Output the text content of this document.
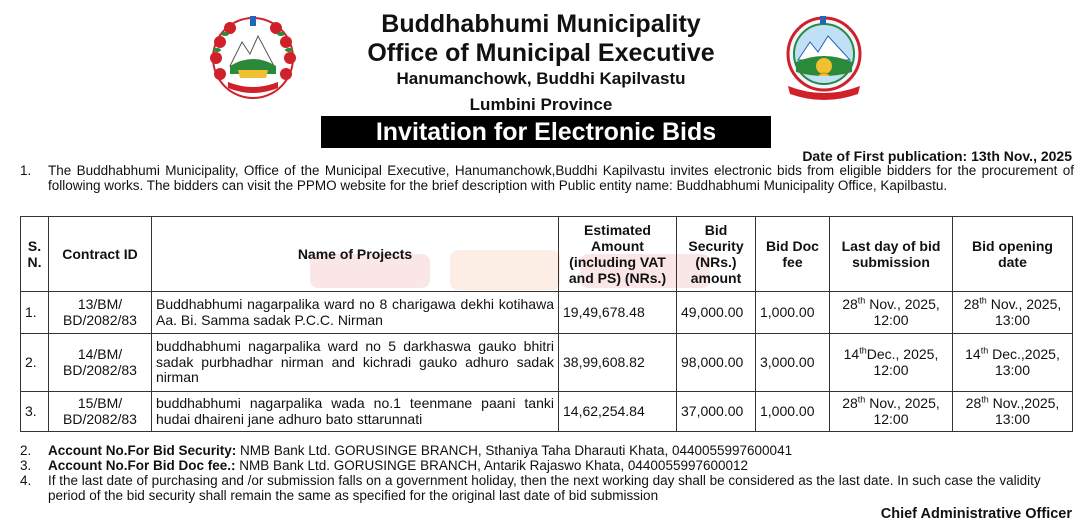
Buddhabhumi Municipality
Office of Municipal Executive
Hanumanchowk, Buddhi Kapilvastu
Lumbini Province
Invitation for Electronic Bids
Date of First publication: 13th Nov., 2025
1. The Buddhabhumi Municipality, Office of the Municipal Executive, Hanumanchowk,Buddhi Kapilvastu invites electronic bids from eligible bidders for the procurement of following works. The bidders can visit the PPMO website for the brief description with Public entity name: Buddhabhumi Municipality Office, Kapilbastu.
S. N.	Contract ID	Name of Projects	Estimated Amount (including VAT and PS) (NRs.)	Bid Security (NRs.) amount	Bid Doc fee	Last day of bid submission	Bid opening date
1.	13/BM/ BD/2082/83	Buddhabhumi nagarpalika ward no 8 charigawa dekhi kotihawa Aa. Bi. Samma sadak P.C.C. Nirman	19,49,678.48	49,000.00	1,000.00	28th Nov., 2025, 12:00	28th Nov., 2025, 13:00
2.	14/BM/ BD/2082/83	buddhabhumi nagarpalika ward no 5 darkhaswa gauko bhitri sadak purbhadhar nirman and kichradi gauko adhuro sadak nirman	38,99,608.82	98,000.00	3,000.00	14thDec., 2025, 12:00	14th Dec.,2025, 13:00
3.	15/BM/ BD/2082/83	buddhabhumi nagarpalika wada no.1 teenmane paani tanki hudai dhaireni jane adhuro bato sttarunnati	14,62,254.84	37,000.00	1,000.00	28th Nov., 2025, 12:00	28th Nov.,2025, 13:00
2. Account No.For Bid Security: NMB Bank Ltd. GORUSINGE BRANCH, Sthaniya Taha Dharauti Khata, 0440055997600041
3. Account No.For Bid Doc fee.: NMB Bank Ltd. GORUSINGE BRANCH, Antarik Rajaswo Khata, 0440055997600012
4. If the last date of purchasing and /or submission falls on a government holiday, then the next working day shall be considered as the last date. In such case the validity period of the bid security shall remain the same as specified for the original last date of bid submission
Chief Administrative Officer
